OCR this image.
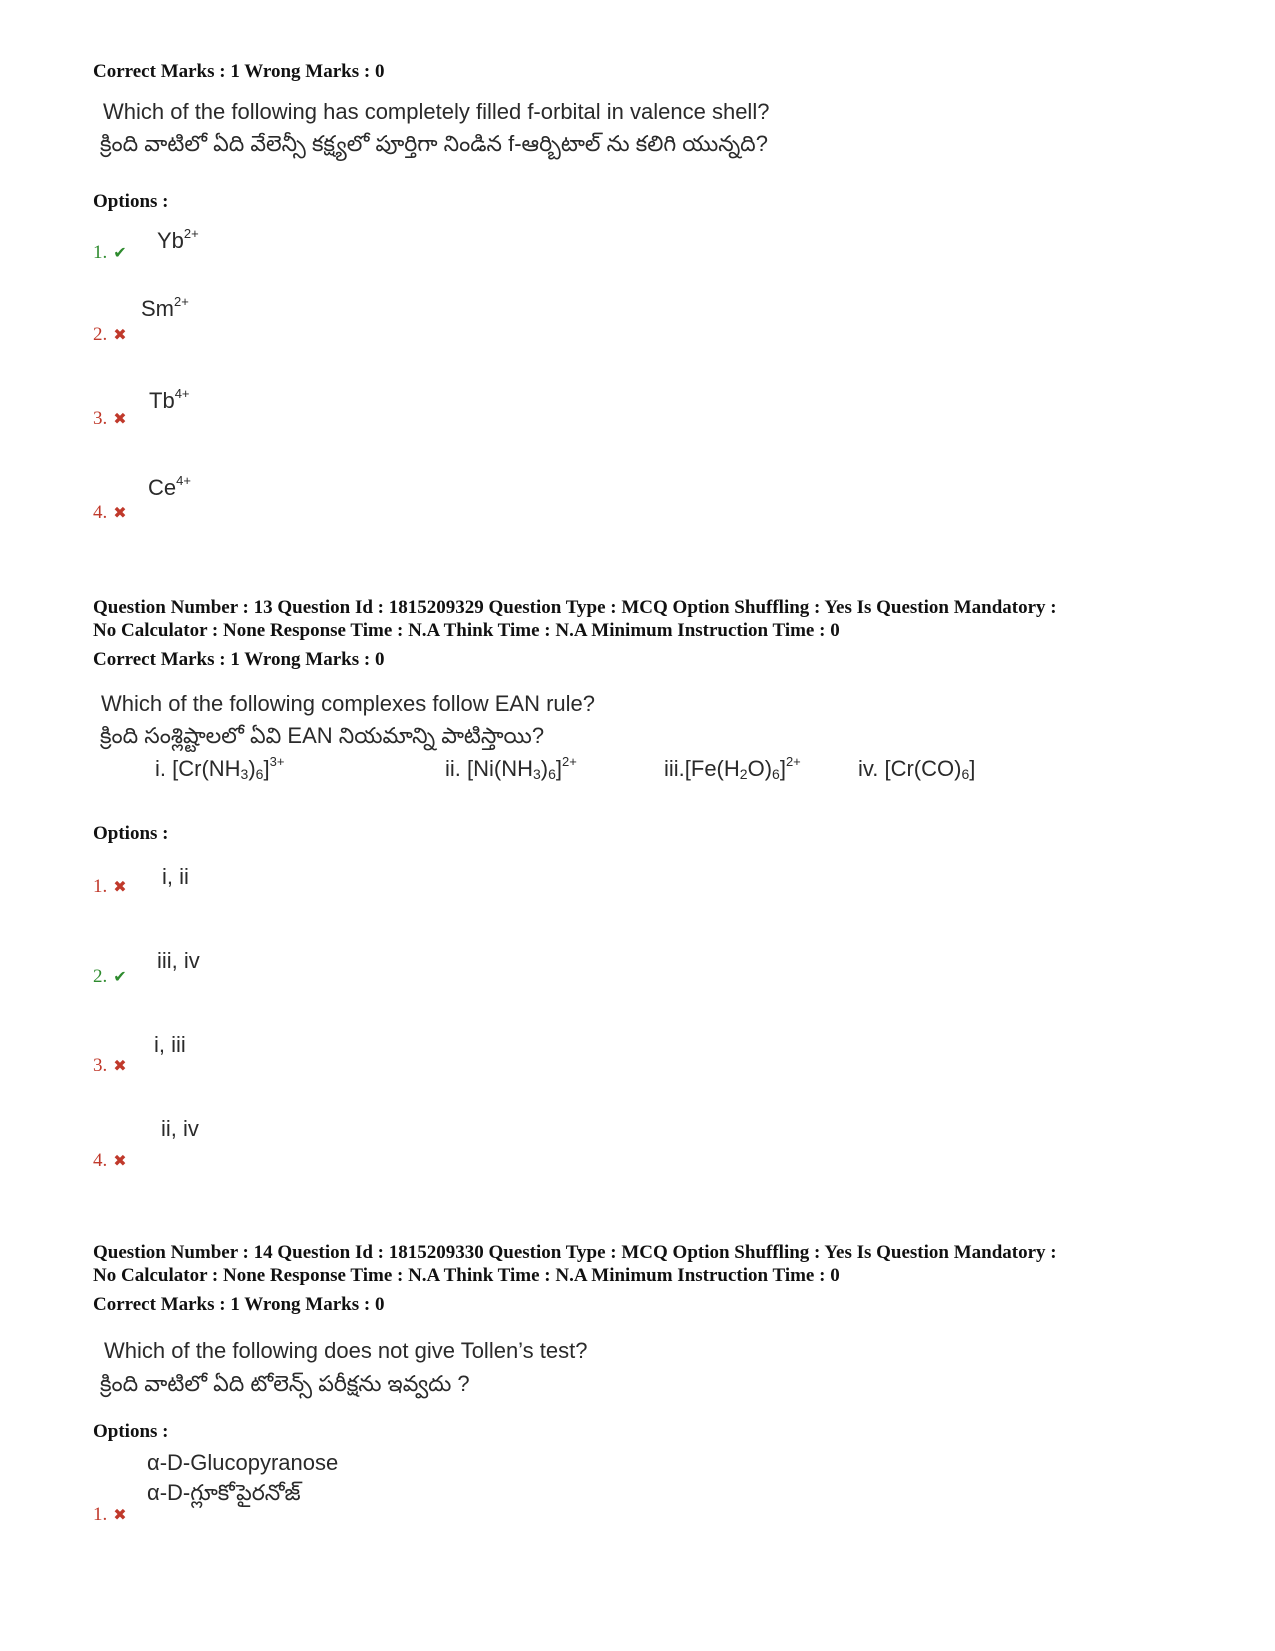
Correct Marks : 1 Wrong Marks : 0
Which of the following has completely filled f-orbital in valence shell?
క్రింది వాటిలో ఏది వేలెన్సీ కక్ష్యలో పూర్తిగా నిండిన f-ఆర్బిటాల్ ను కలిగి యున్నది?
Options :
1. ✔ $Yb^{2+}$
2. ✖
$Sm^{2+}$
3. ✖
$Tb^{4+}$
4. ✖
$Ce^{4+}$
Question Number : 13 Question Id : 1815209329 Question Type : MCQ Option Shuffling : Yes Is Question Mandatory :
No Calculator : None Response Time : N.A Think Time : N.A Minimum Instruction Time : 0
Correct Marks : 1 Wrong Marks : 0
Which of the following complexes follow EAN rule?
క్రింది సంశ్లిష్టాలలో ఏవి EAN నియమాన్ని పాటిస్తాయి?
i. $[Cr(NH_3)_6]^{3+}$	ii. $[Ni(NH_3)_6]^{2+}$	$iii.[Fe(H_2O)_6]^{2+}$	iv. $[Cr(CO)_6]$
Options :
1. ✖ i, ii
2. ✔
iii, iv
3. ✖
i, iii
4. ✖
ii, iv
Question Number : 14 Question Id : 1815209330 Question Type : MCQ Option Shuffling : Yes Is Question Mandatory :
No Calculator : None Response Time : N.A Think Time : N.A Minimum Instruction Time : 0
Correct Marks : 1 Wrong Marks : 0
Which of the following does not give Tollen’s test?
క్రింది వాటిలో ఏది టోలెన్స్ పరీక్షను ఇవ్వదు ?
Options :
1. ✖
α-D-Glucopyranose
α-D-గ్లూకోపైరనోజ్
